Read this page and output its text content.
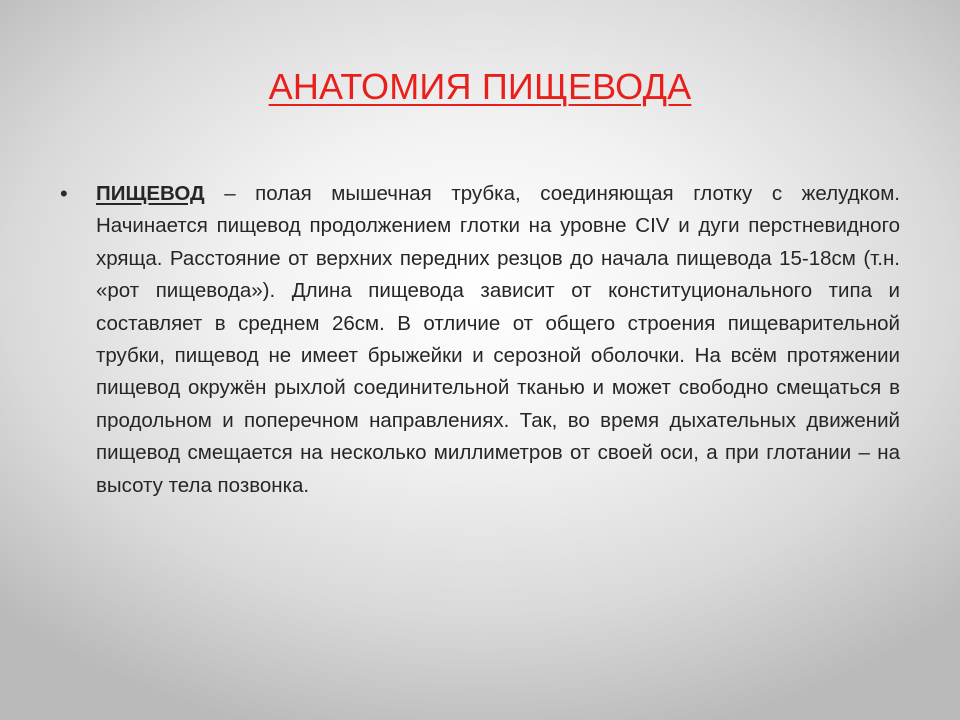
АНАТОМИЯ ПИЩЕВОДА
•	ПИЩЕВОД – полая мышечная трубка, соединяющая глотку с желудком. Начинается пищевод продолжением глотки на уровне CIV и дуги перстневидного хряща. Расстояние от верхних передних резцов до начала пищевода 15-18см (т.н. «рот пищевода»). Длина пищевода зависит от конституционального типа и составляет в среднем 26см. В отличие от общего строения пищеварительной трубки, пищевод не имеет брыжейки и серозной оболочки. На всём протяжении пищевод окружён рыхлой соединительной тканью и может свободно смещаться в продольном и поперечном направлениях. Так, во время дыхательных движений пищевод смещается на несколько миллиметров от своей оси, а при глотании – на высоту тела позвонка.
